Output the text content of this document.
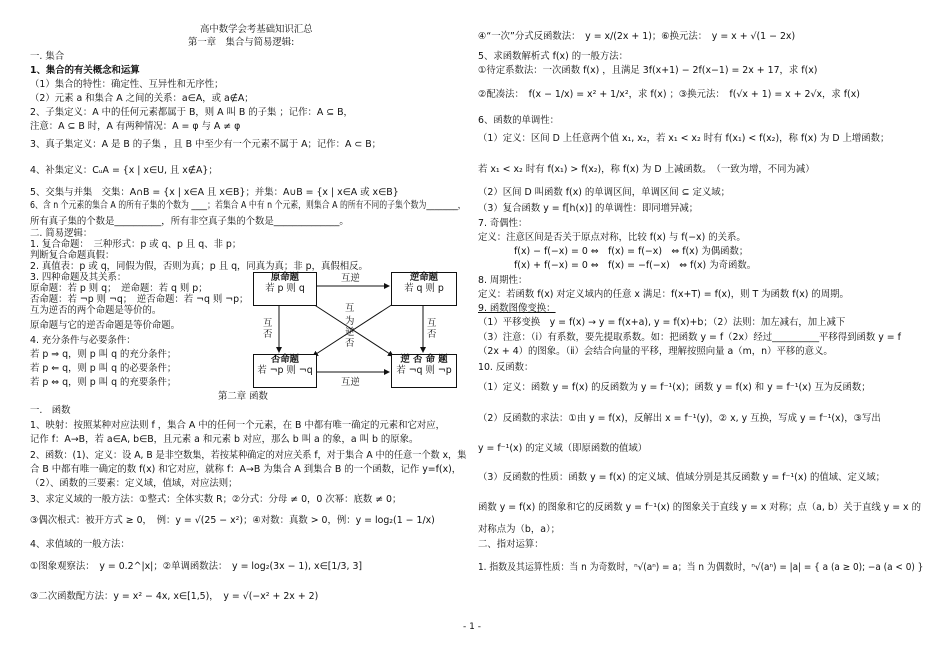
高中数学会考基础知识汇总
第一章　集合与简易逻辑:
一. 集合
1、集合的有关概念和运算
（1）集合的特性：确定性、互异性和无序性；
（2）元素 a 和集合 A 之间的关系：a∈A，或 a∉A；
2、子集定义：A 中的任何元素都属于 B，则 A 叫 B 的子集 ；记作：A ⊆ B，
注意：A ⊆ B 时，A 有两种情况：A = φ 与 A ≠ φ
3、真子集定义：A 是 B 的子集 ，且 B 中至少有一个元素不属于 A；记作：A ⊂ B；
4、补集定义：CᵤA = {x | x∈U, 且 x∉A}；
5、交集与并集　交集：A∩B = {x | x∈A 且 x∈B}；并集：A∪B = {x | x∈A 或 x∈B}
6、含 n 个元素的集合 A 的所有子集的个数为 ____；若集合 A 中有 n 个元素，则集合 A 的所有不同的子集个数为________，
所有真子集的个数是__________，所有非空真子集的个数是______________。
二. 简易逻辑：
1. 复合命题：　三种形式：p 或 q、p 且 q、非 p；
判断复合命题真假：
2. 真值表：p 或 q，同假为假，否则为真；p 且 q，同真为真；非 p，真假相反。
3. 四种命题及其关系：
原命题：若 p 则 q；　逆命题：若 q 则 p；
否命题：若 ¬p 则 ¬q；　逆否命题：若 ¬q 则 ¬p；
互为逆否的两个命题是等价的。
原命题与它的逆否命题是等价命题。
4. 充分条件与必要条件：
若 p ⇒ q，则 p 叫 q 的充分条件；
若 p ⇐ q，则 p 叫 q 的必要条件；
若 p ⇔ q，则 p 叫 q 的充要条件；
第二章 函数
一.　函数
1、映射：按照某种对应法则 f ，集合 A 中的任何一个元素，在 B 中都有唯一确定的元素和它对应，
记作 f：A→B，若 a∈A, b∈B，且元素 a 和元素 b 对应，那么 b 叫 a 的象，a 叫 b 的原象。
2、函数：(1)、定义：设 A, B 是非空数集，若按某种确定的对应关系 f，对于集合 A 中的任意一个数 x，集
合 B 中都有唯一确定的数 f(x) 和它对应，就称 f：A→B 为集合 A 到集合 B 的一个函数，记作 y=f(x)，
（2）、函数的三要素：定义域，值域，对应法则；
3、求定义域的一般方法：①整式：全体实数 R；②分式：分母 ≠ 0，0 次幂：底数 ≠ 0；
③偶次根式：被开方式 ≥ 0，　例：y = √(25 − x²)；④对数：真数 > 0，例：y = log₂(1 − 1/x)
4、求值域的一般方法：
①图象观察法：　y = 0.2^|x|；②单调函数法：　y = log₂(3x − 1), x∈[1/3, 3]
③二次函数配方法：y = x² − 4x, x∈[1,5)，　y = √(−x² + 2x + 2)
④“一次”分式反函数法：　y = x/(2x + 1)；⑥换元法：　y = x + √(1 − 2x)
5、求函数解析式 f(x) 的一般方法：
①待定系数法：一次函数 f(x) ，且满足 3f(x+1) − 2f(x−1) = 2x + 17，求 f(x)
②配凑法：　f(x − 1/x) = x² + 1/x²，求 f(x) ；③换元法：　f(√x + 1) = x + 2√x，求 f(x)
6、函数的单调性：
（1）定义：区间 D 上任意两个值 x₁, x₂，若 x₁ < x₂ 时有 f(x₁) < f(x₂)，称 f(x) 为 D 上增函数；
若 x₁ < x₂ 时有 f(x₁) > f(x₂)，称 f(x) 为 D 上减函数。　（一致为增，不同为减）
（2）区间 D 叫函数 f(x) 的单调区间，单调区间 ⊆ 定义域；
（3）复合函数 y = f[h(x)] 的单调性：即同增异减；
7. 奇偶性：
定义：注意区间是否关于原点对称，比较 f(x) 与 f(−x) 的关系。
f(x) − f(−x) = 0 ⇔　f(x) = f(−x)　⇔ f(x) 为偶函数；
f(x) + f(−x) = 0 ⇔　f(x) = −f(−x)　⇔ f(x) 为奇函数。
8. 周期性：
定义：若函数 f(x) 对定义域内的任意 x 满足：f(x+T) = f(x)，则 T 为函数 f(x) 的周期。
9. 函数图像变换：
（1）平移变换　y = f(x) → y = f(x+a), y = f(x)+b；（2）法则：加左减右，加上减下
（3）注意：（ⅰ）有系数，要先提取系数。如：把函数 y = f（2x）经过__________平移得到函数 y = f
（2x + 4）的图象。（ⅱ）会结合向量的平移，理解按照向量 a（m，n）平移的意义。
10. 反函数：
（1）定义：函数 y = f(x) 的反函数为 y = f⁻¹(x)；函数 y = f(x) 和 y = f⁻¹(x) 互为反函数；
（2）反函数的求法：①由 y = f(x)，反解出 x = f⁻¹(y)，② x, y 互换，写成 y = f⁻¹(x)，③写出
y = f⁻¹(x) 的定义域（即原函数的值域）
（3）反函数的性质：函数 y = f(x) 的定义域、值域分别是其反函数 y = f⁻¹(x) 的值域、定义域；
函数 y = f(x) 的图象和它的反函数 y = f⁻¹(x) 的图象关于直线 y = x 对称；点（a, b）关于直线 y = x 的
对称点为（b，a）；
二、指对运算：
1. 指数及其运算性质：当 n 为奇数时，ⁿ√(aⁿ) = a；当 n 为偶数时，ⁿ√(aⁿ) = |a| = { a (a ≥ 0); −a (a < 0) }
原命题
若 p 则 q
逆命题
若 q 则 p
否命题
若 ¬p 则 ¬q
逆 否 命 题
若 ¬q 则 ¬p
互逆
互逆
互否
互否
互
为逆否
- 1 -
